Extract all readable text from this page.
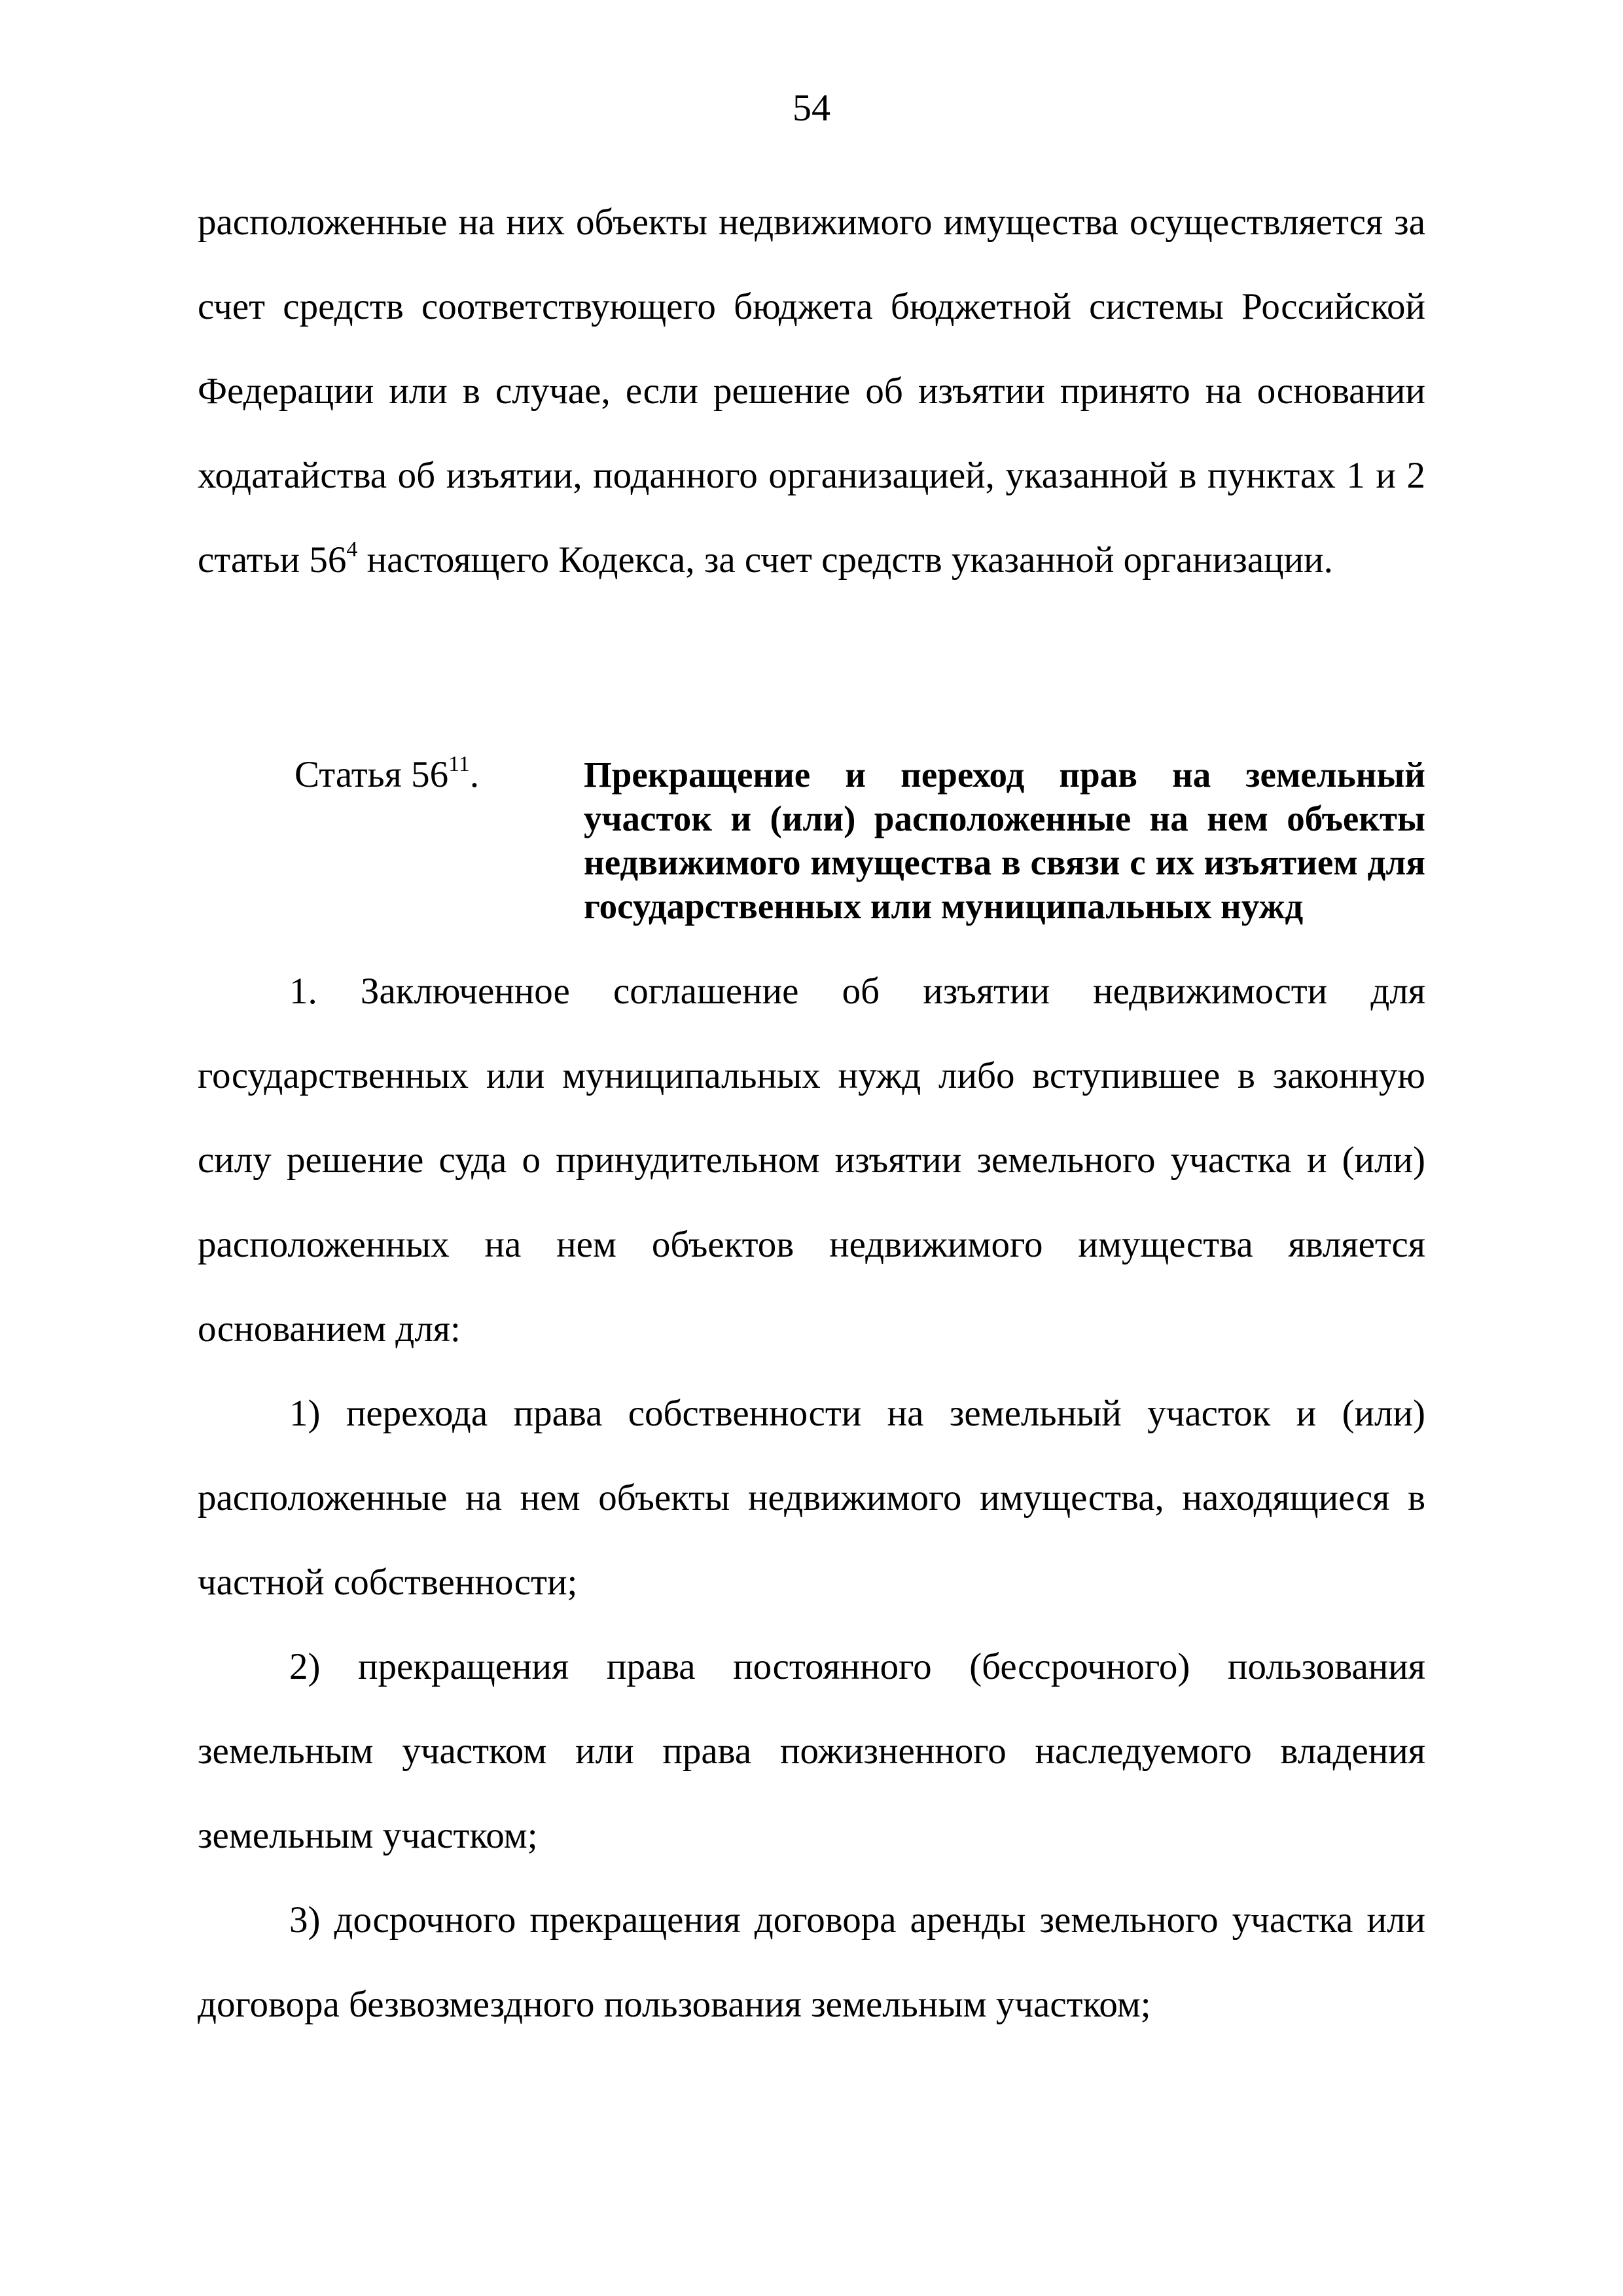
54

расположенные на них объекты недвижимого имущества осуществляется за счет средств соответствующего бюджета бюджетной системы Российской Федерации или в случае, если решение об изъятии принято на основании ходатайства об изъятии, поданного организацией, указанной в пунктах 1 и 2 статьи $56^4$ настоящего Кодекса, за счет средств указанной организации.

Статья $56^{11}$.	Прекращение и переход прав на земельный участок и (или) расположенные на нем объекты недвижимого имущества в связи с их изъятием для государственных или муниципальных нужд

1. Заключенное соглашение об изъятии недвижимости для государственных или муниципальных нужд либо вступившее в законную силу решение суда о принудительном изъятии земельного участка и (или) расположенных на нем объектов недвижимого имущества является основанием для:

1) перехода права собственности на земельный участок и (или) расположенные на нем объекты недвижимого имущества, находящиеся в частной собственности;

2) прекращения права постоянного (бессрочного) пользования земельным участком или права пожизненного наследуемого владения земельным участком;

3) досрочного прекращения договора аренды земельного участка или договора безвозмездного пользования земельным участком;
